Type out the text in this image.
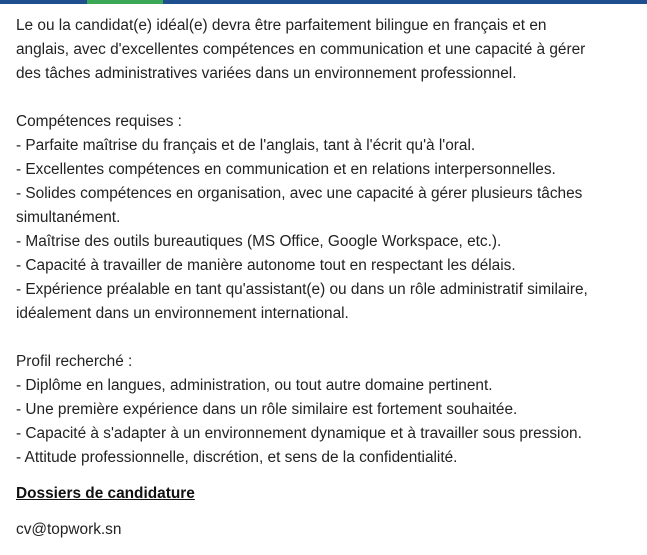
Le ou la candidat(e) idéal(e) devra être parfaitement bilingue en français et en

anglais, avec d'excellentes compétences en communication et une capacité à gérer

des tâches administratives variées dans un environnement professionnel.

Compétences requises :

- Parfaite maîtrise du français et de l'anglais, tant à l'écrit qu'à l'oral.

- Excellentes compétences en communication et en relations interpersonnelles.

- Solides compétences en organisation, avec une capacité à gérer plusieurs tâches

simultanément.

- Maîtrise des outils bureautiques (MS Office, Google Workspace, etc.).

- Capacité à travailler de manière autonome tout en respectant les délais.

- Expérience préalable en tant qu'assistant(e) ou dans un rôle administratif similaire,

idéalement dans un environnement international.

Profil recherché :

- Diplôme en langues, administration, ou tout autre domaine pertinent.

- Une première expérience dans un rôle similaire est fortement souhaitée.

- Capacité à s'adapter à un environnement dynamique et à travailler sous pression.

- Attitude professionnelle, discrétion, et sens de la confidentialité.

Dossiers de candidature

cv@topwork.sn
